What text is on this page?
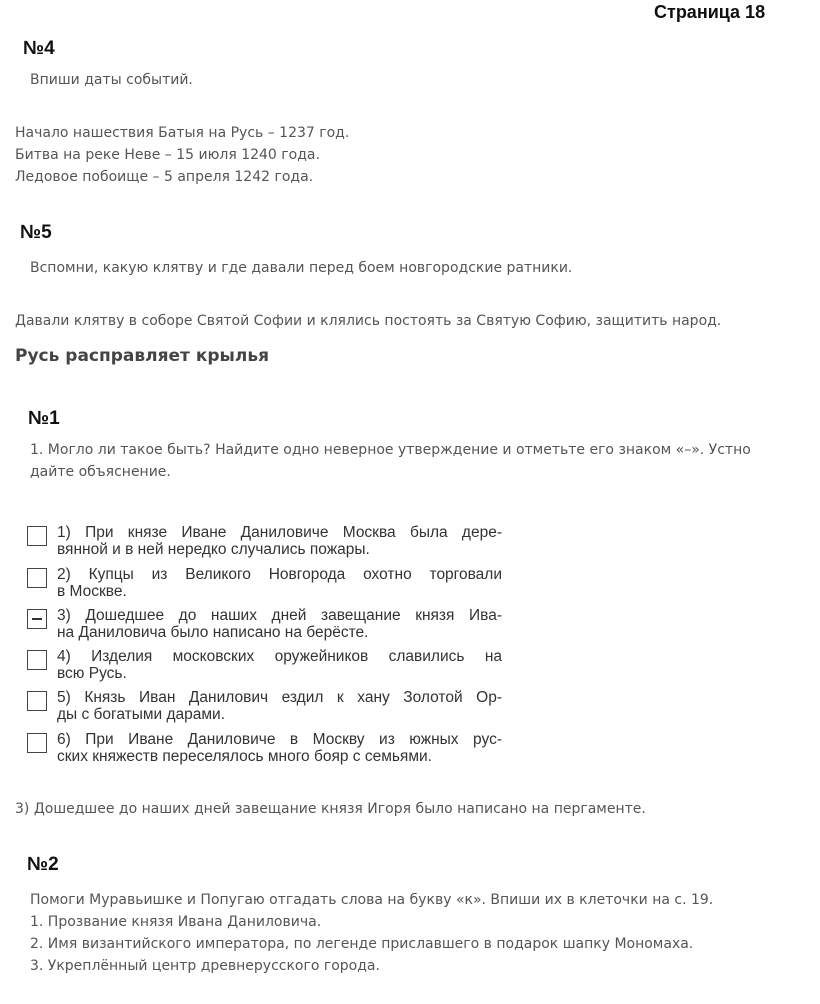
Страница 18
№4
Впиши даты событий.
Начало нашествия Батыя на Русь – 1237 год.
Битва на реке Неве – 15 июля 1240 года.
Ледовое побоище – 5 апреля 1242 года.
№5
Вспомни, какую клятву и где давали перед боем новгородские ратники.
Давали клятву в соборе Святой Софии и клялись постоять за Святую Софию, защитить народ.
Русь расправляет крылья
№1
1. Могло ли такое быть? Найдите одно неверное утверждение и отметьте его знаком «–». Устно
дайте объяснение.
1) При князе Иване Даниловиче Москва была дере-
вянной и в ней нередко случались пожары.
2) Купцы из Великого Новгорода охотно торговали
в Москве.
3) Дошедшее до наших дней завещание князя Ива-
на Даниловича было написано на берёсте.
4) Изделия московских оружейников славились на
всю Русь.
5) Князь Иван Данилович ездил к хану Золотой Ор-
ды с богатыми дарами.
6) При Иване Даниловиче в Москву из южных рус-
ских княжеств переселялось много бояр с семьями.
3) Дошедшее до наших дней завещание князя Игоря было написано на пергаменте.
№2
Помоги Муравьишке и Попугаю отгадать слова на букву «к». Впиши их в клеточки на с. 19.
1. Прозвание князя Ивана Даниловича.
2. Имя византийского императора, по легенде приславшего в подарок шапку Мономаха.
3. Укреплённый центр древнерусского города.
